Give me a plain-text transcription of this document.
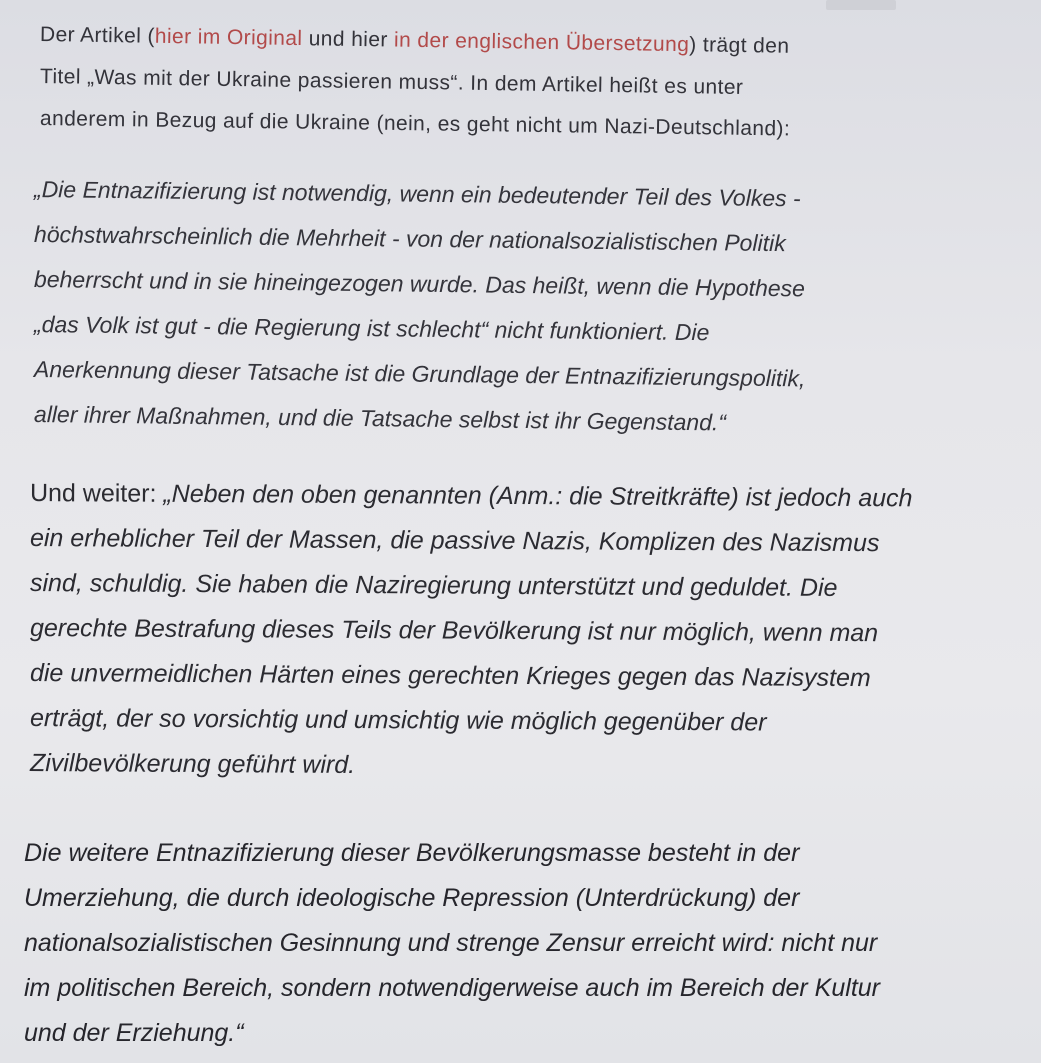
Der Artikel (hier im Original und hier in der englischen Übersetzung) trägt den
Titel „Was mit der Ukraine passieren muss“. In dem Artikel heißt es unter
anderem in Bezug auf die Ukraine (nein, es geht nicht um Nazi-Deutschland):
„Die Entnazifizierung ist notwendig, wenn ein bedeutender Teil des Volkes -
höchstwahrscheinlich die Mehrheit - von der nationalsozialistischen Politik
beherrscht und in sie hineingezogen wurde. Das heißt, wenn die Hypothese
„das Volk ist gut - die Regierung ist schlecht“ nicht funktioniert. Die
Anerkennung dieser Tatsache ist die Grundlage der Entnazifizierungspolitik,
aller ihrer Maßnahmen, und die Tatsache selbst ist ihr Gegenstand.“
Und weiter: „Neben den oben genannten (Anm.: die Streitkräfte) ist jedoch auch
ein erheblicher Teil der Massen, die passive Nazis, Komplizen des Nazismus
sind, schuldig. Sie haben die Naziregierung unterstützt und geduldet. Die
gerechte Bestrafung dieses Teils der Bevölkerung ist nur möglich, wenn man
die unvermeidlichen Härten eines gerechten Krieges gegen das Nazisystem
erträgt, der so vorsichtig und umsichtig wie möglich gegenüber der
Zivilbevölkerung geführt wird.
Die weitere Entnazifizierung dieser Bevölkerungsmasse besteht in der
Umerziehung, die durch ideologische Repression (Unterdrückung) der
nationalsozialistischen Gesinnung und strenge Zensur erreicht wird: nicht nur
im politischen Bereich, sondern notwendigerweise auch im Bereich der Kultur
und der Erziehung.“
